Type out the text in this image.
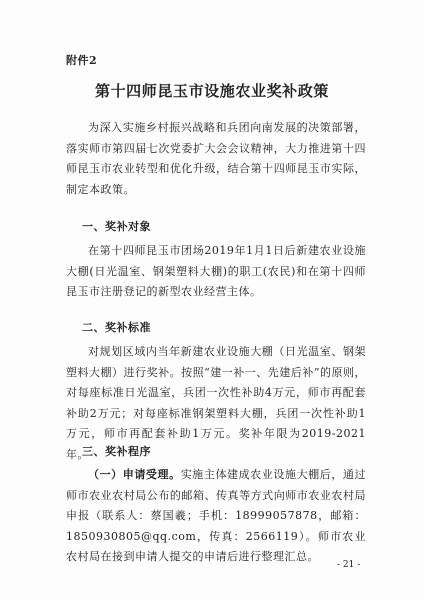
附件2
第十四师昆玉市设施农业奖补政策
为深入实施乡村振兴战略和兵团向南发展的决策部署，落实师市第四届七次党委扩大会会议精神，大力推进第十四师昆玉市农业转型和优化升级，结合第十四师昆玉市实际，制定本政策。
一、奖补对象
在第十四师昆玉市团场2019年1月1日后新建农业设施大棚(日光温室、钢架塑料大棚)的职工(农民)和在第十四师昆玉市注册登记的新型农业经营主体。
二、奖补标准
对规划区域内当年新建农业设施大棚（日光温室、钢架塑料大棚）进行奖补。按照“建一补一、先建后补”的原则，对每座标准日光温室，兵团一次性补助4万元，师市再配套补助2万元；对每座标准钢架塑料大棚，兵团一次性补助1万元，师市再配套补助1万元。奖补年限为2019-2021年。
三、奖补程序
（一）申请受理。实施主体建成农业设施大棚后，通过师市农业农村局公布的邮箱、传真等方式向师市农业农村局申报（联系人：蔡国羲；手机：18999057878，邮箱：1850930805@qq.com，传真：2566119）。师市农业农村局在接到申请人提交的申请后进行整理汇总。
- 21 -
